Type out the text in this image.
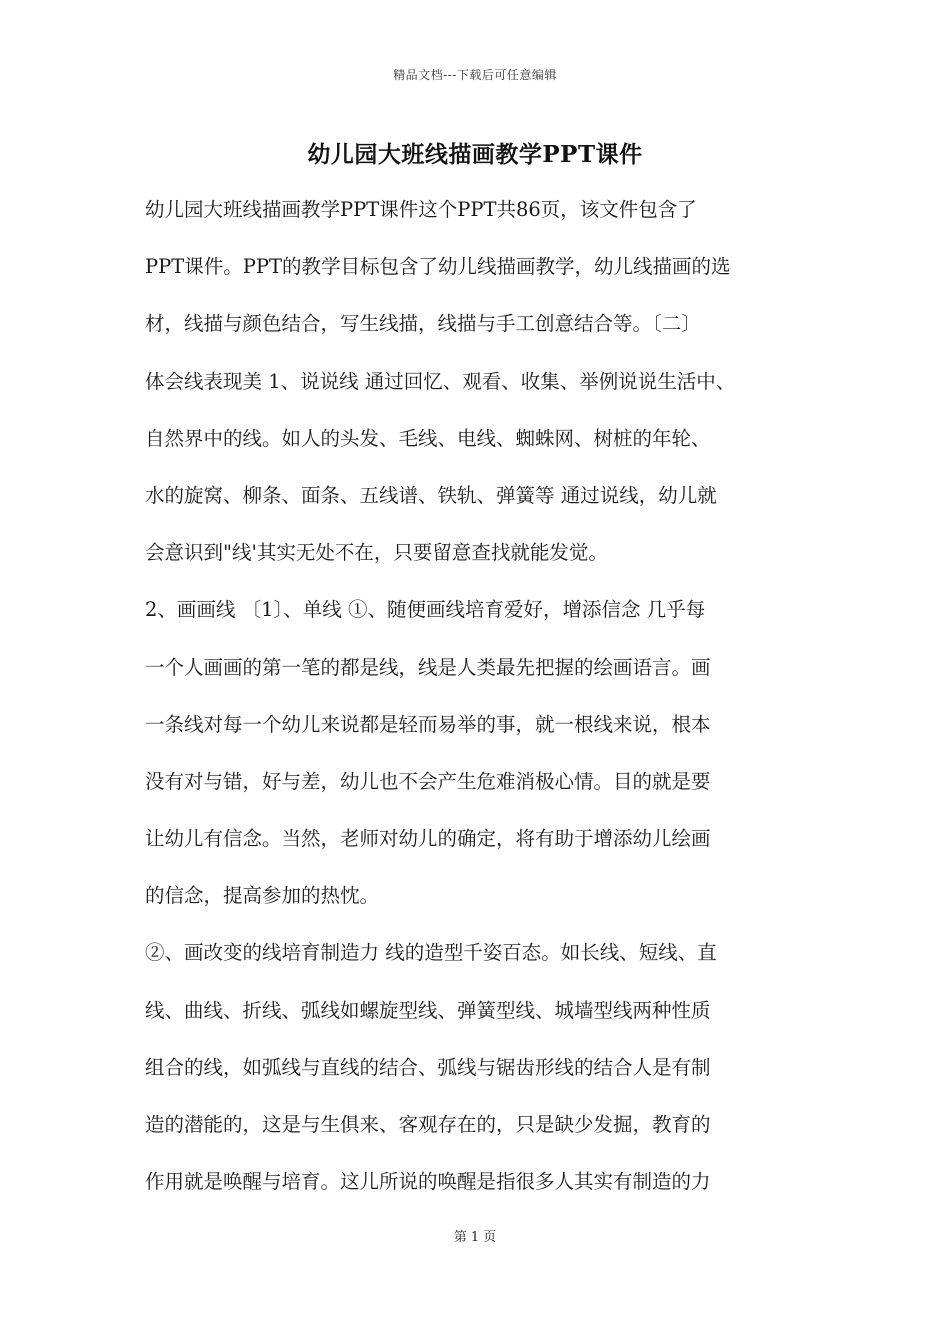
精品文档---下载后可任意编辑
幼儿园大班线描画教学PPT课件
幼儿园大班线描画教学PPT课件这个PPT共86页，该文件包含了
PPT课件。PPT的教学目标包含了幼儿线描画教学，幼儿线描画的选
材，线描与颜色结合，写生线描，线描与手工创意结合等。〔二〕
体会线表现美 1、说说线 通过回忆、观看、收集、举例说说生活中、
自然界中的线。如人的头发、毛线、电线、蜘蛛网、树桩的年轮、
水的旋窝、柳条、面条、五线谱、铁轨、弹簧等 通过说线，幼儿就
会意识到"线'其实无处不在，只要留意查找就能发觉。
2、画画线 〔1〕、单线 ①、随便画线培育爱好，增添信念 几乎每
一个人画画的第一笔的都是线，线是人类最先把握的绘画语言。画
一条线对每一个幼儿来说都是轻而易举的事，就一根线来说，根本
没有对与错，好与差，幼儿也不会产生危难消极心情。目的就是要
让幼儿有信念。当然，老师对幼儿的确定，将有助于增添幼儿绘画
的信念，提高参加的热忱。
②、画改变的线培育制造力 线的造型千姿百态。如长线、短线、直
线、曲线、折线、弧线如螺旋型线、弹簧型线、城墙型线两种性质
组合的线，如弧线与直线的结合、弧线与锯齿形线的结合人是有制
造的潜能的，这是与生俱来、客观存在的，只是缺少发掘，教育的
作用就是唤醒与培育。这儿所说的唤醒是指很多人其实有制造的力
第 1 页
